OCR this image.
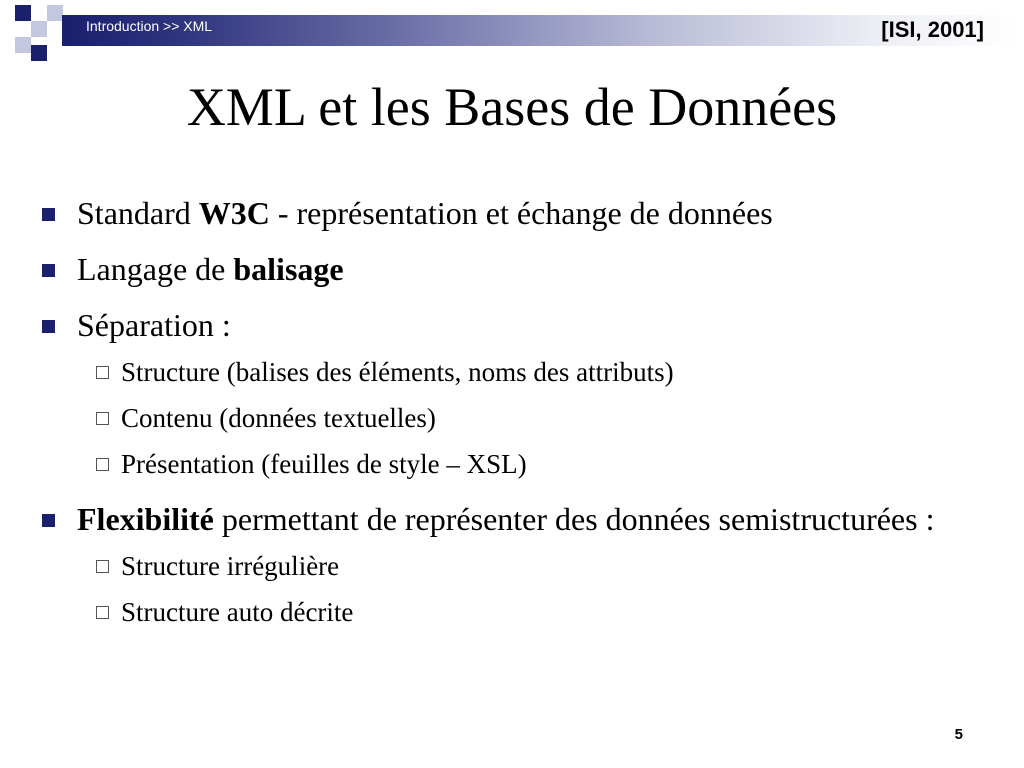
Introduction >> XML	[ISI, 2001]
XML et les Bases de Données
Standard W3C - représentation et échange de données
Langage de balisage
Séparation :
Structure (balises des éléments, noms des attributs)
Contenu (données textuelles)
Présentation (feuilles de style – XSL)
Flexibilité permettant de représenter des données semistructurées :
Structure irrégulière
Structure auto décrite
5
